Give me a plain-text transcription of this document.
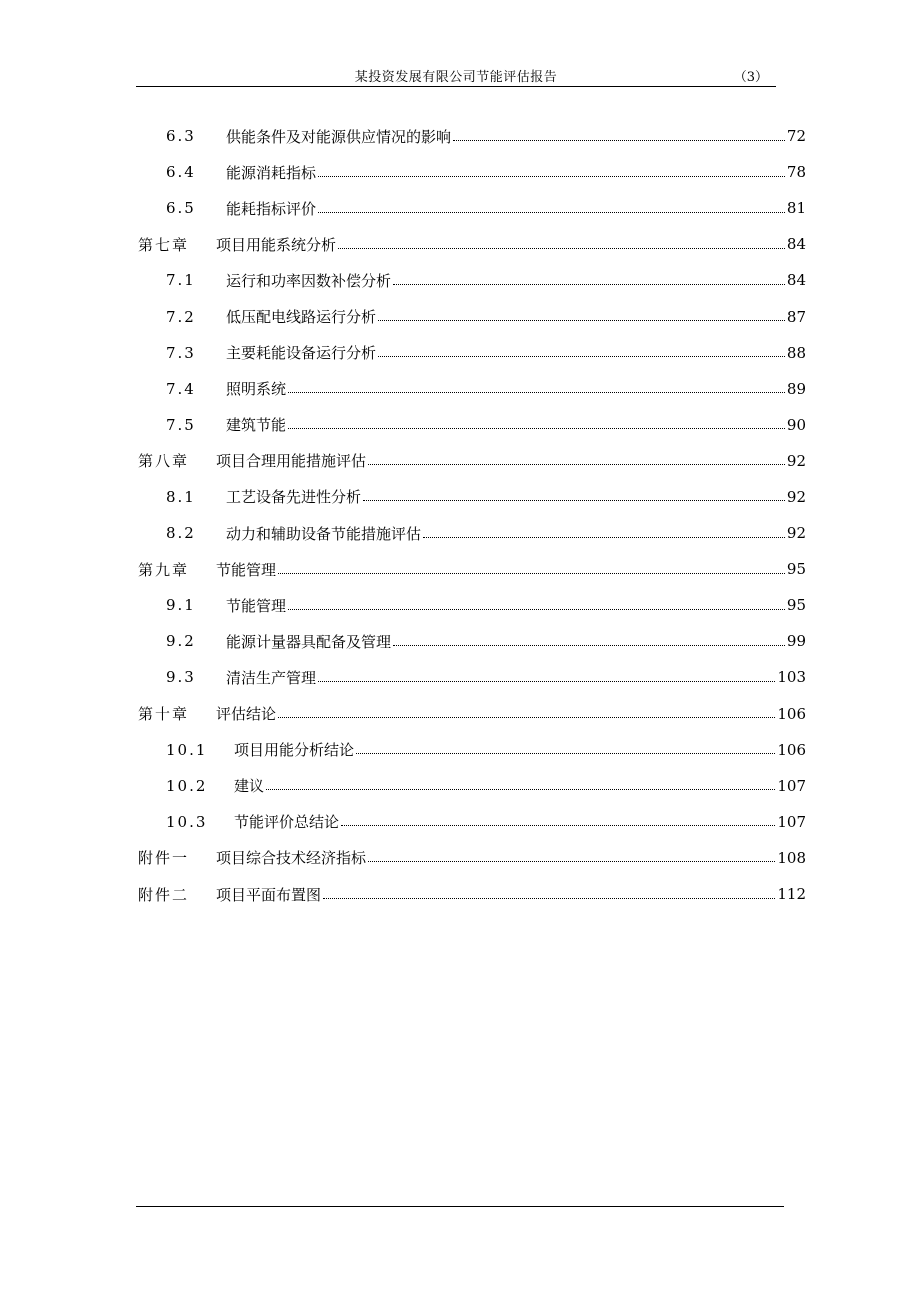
某投资发展有限公司节能评估报告	（3）
6.3	供能条件及对能源供应情况的影响	72
6.4	能源消耗指标	78
6.5	能耗指标评价	81
第七章	项目用能系统分析	84
7.1	运行和功率因数补偿分析	84
7.2	低压配电线路运行分析	87
7.3	主要耗能设备运行分析	88
7.4	照明系统	89
7.5	建筑节能	90
第八章	项目合理用能措施评估	92
8.1	工艺设备先进性分析	92
8.2	动力和辅助设备节能措施评估	92
第九章	节能管理	95
9.1	节能管理	95
9.2	能源计量器具配备及管理	99
9.3	清洁生产管理	103
第十章	评估结论	106
10.1	项目用能分析结论	106
10.2	建议	107
10.3	节能评价总结论	107
附件一	项目综合技术经济指标	108
附件二	项目平面布置图	112
